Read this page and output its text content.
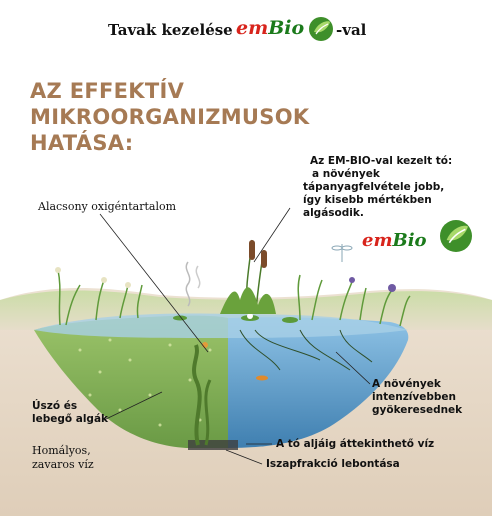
Tavak kezelése emBio -val
AZ EFFEKTÍV
MIKROORGANIZMUSOK
HATÁSA:
Az EM-BIO-val kezelt tó:
a növények
tápanyagfelvétele jobb,
így kisebb mértékben
algásodik.
emBio
Alacsony oxigéntartalom
Úszó és
lebegő algák
Homályos,
zavaros víz
A növények
intenzívebben
gyökeresednek
A tó aljáig áttekinthető víz
Iszapfrakció lebontása
